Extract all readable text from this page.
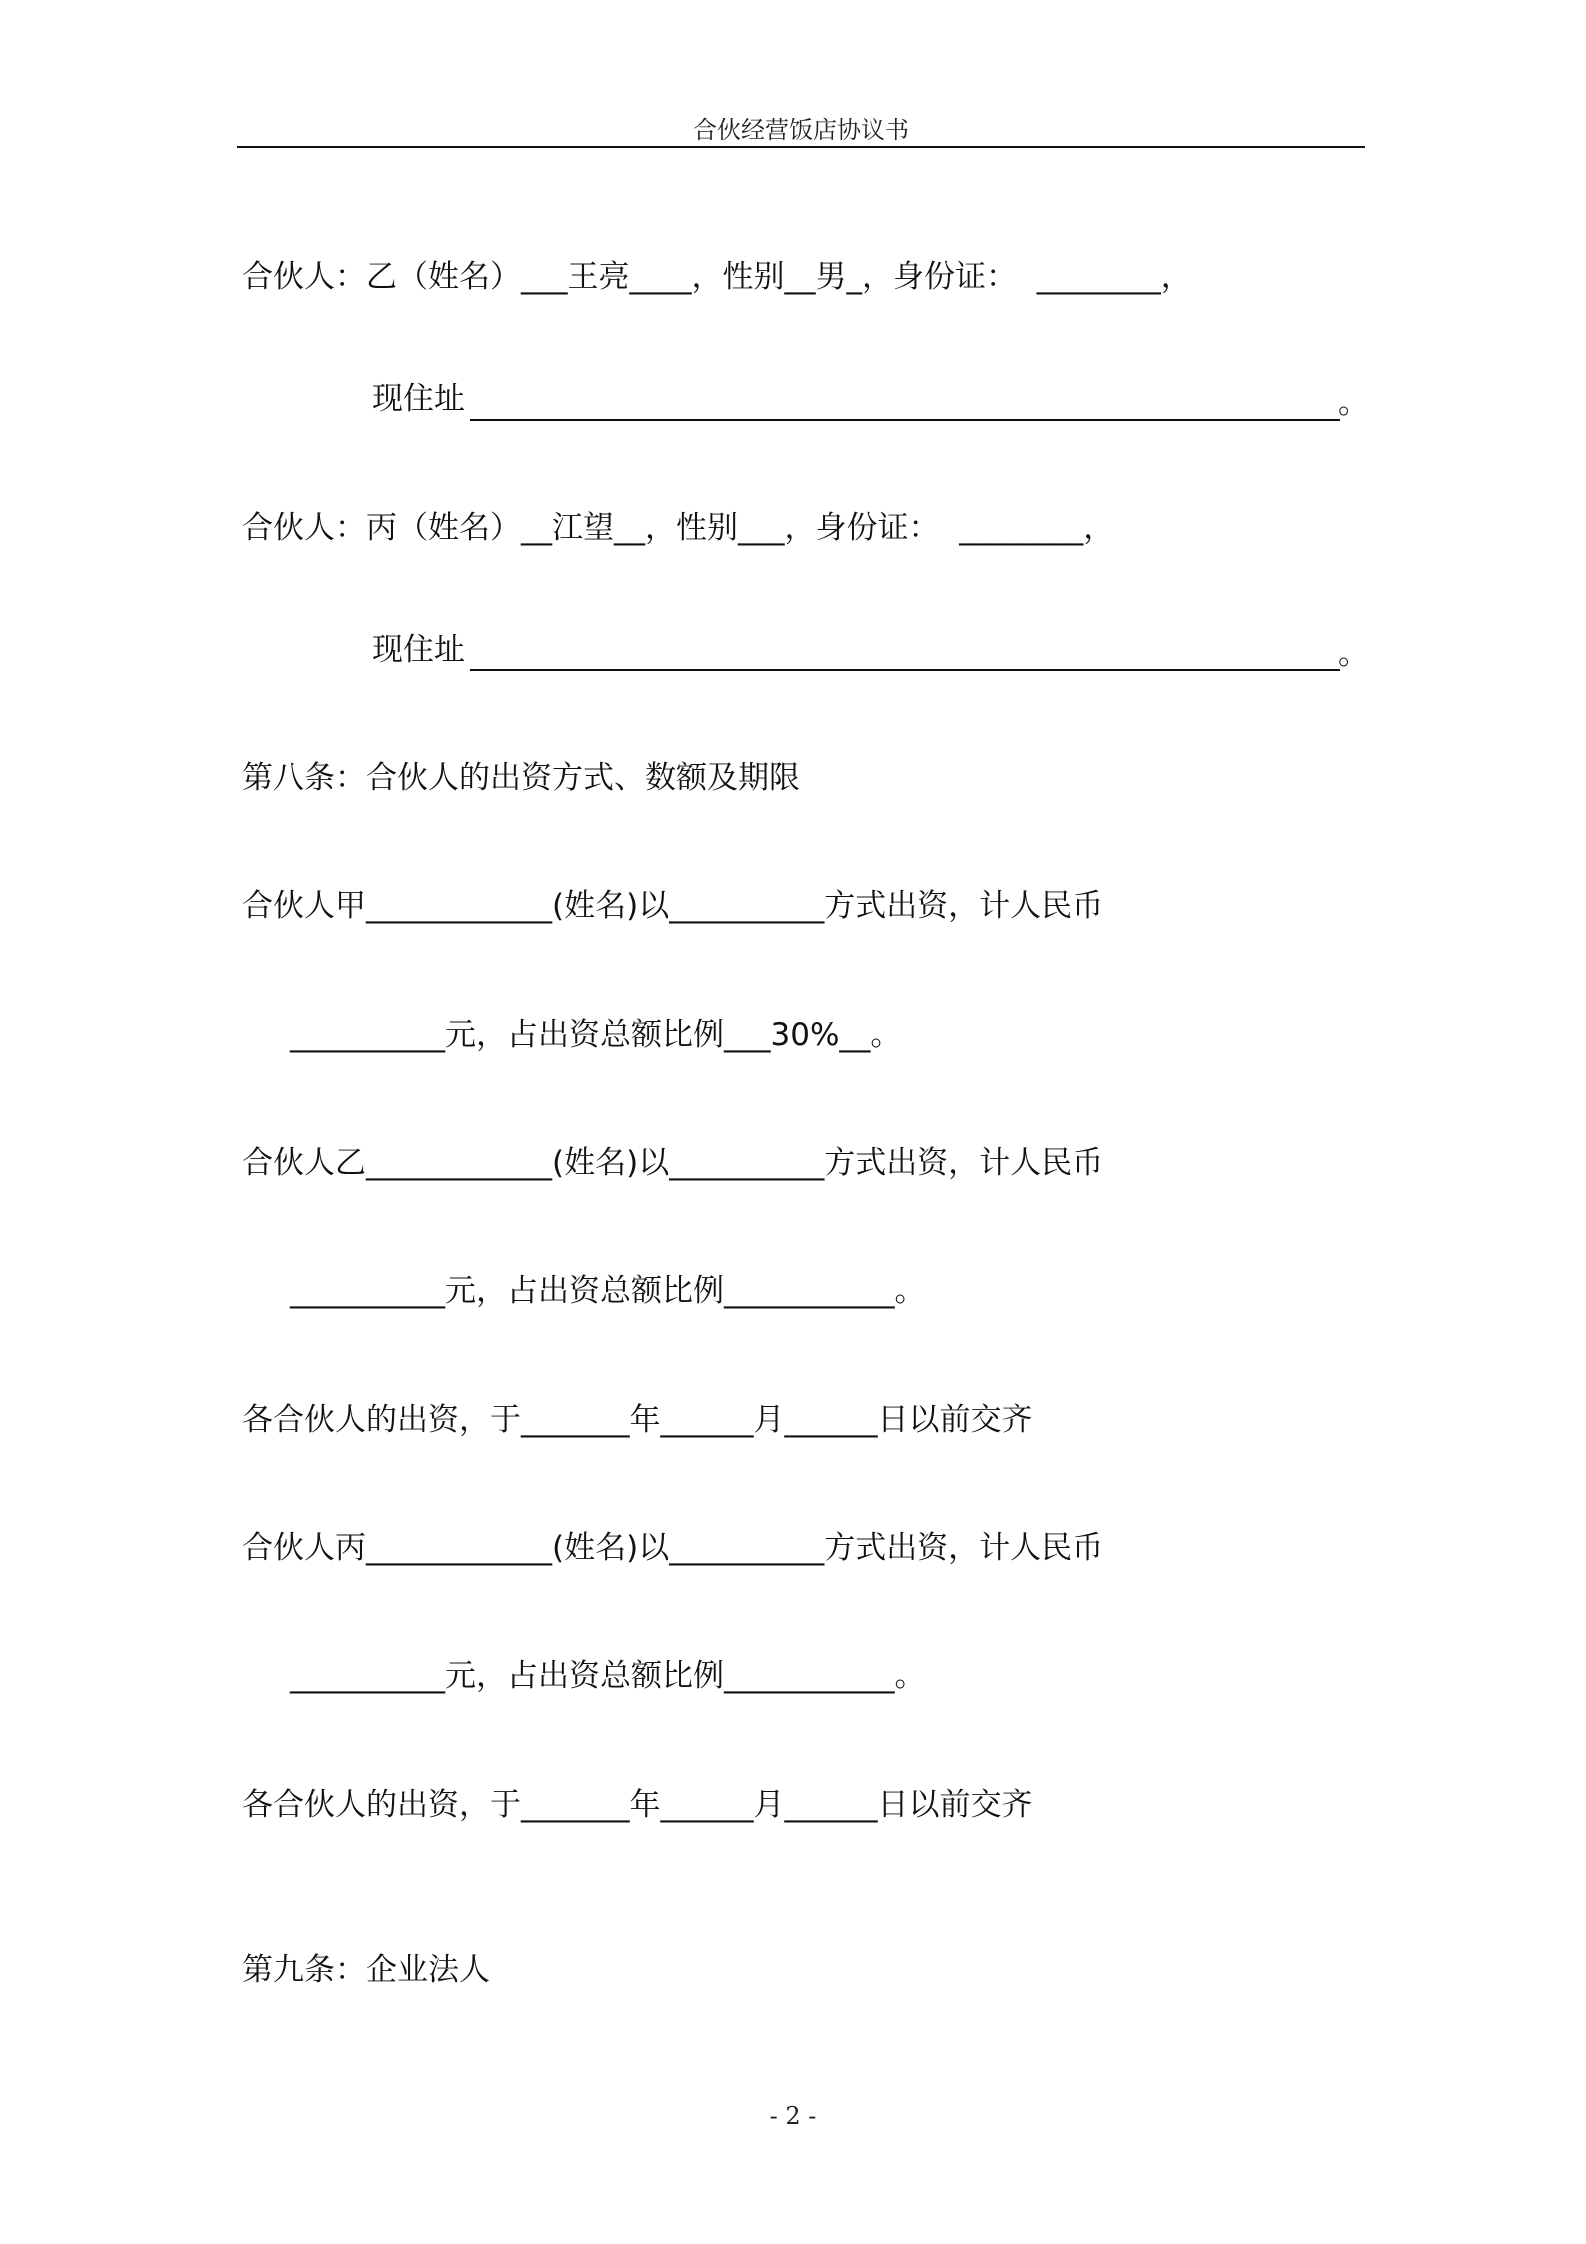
合伙经营饭店协议书
合伙人：乙（姓名）___王亮____，性别__男_，身份证：  ________，
现住址	。
合伙人：丙（姓名）__江望__，性别___，身份证：  ________，
现住址	。
第八条：合伙人的出资方式、数额及期限
合伙人甲____________(姓名)以__________方式出资，计人民币
__________元，占出资总额比例___30%__。
合伙人乙____________(姓名)以__________方式出资，计人民币
__________元，占出资总额比例___________。
各合伙人的出资，于_______年______月______日以前交齐
合伙人丙____________(姓名)以__________方式出资，计人民币
__________元，占出资总额比例___________。
各合伙人的出资，于_______年______月______日以前交齐
第九条：企业法人
- 2 -
